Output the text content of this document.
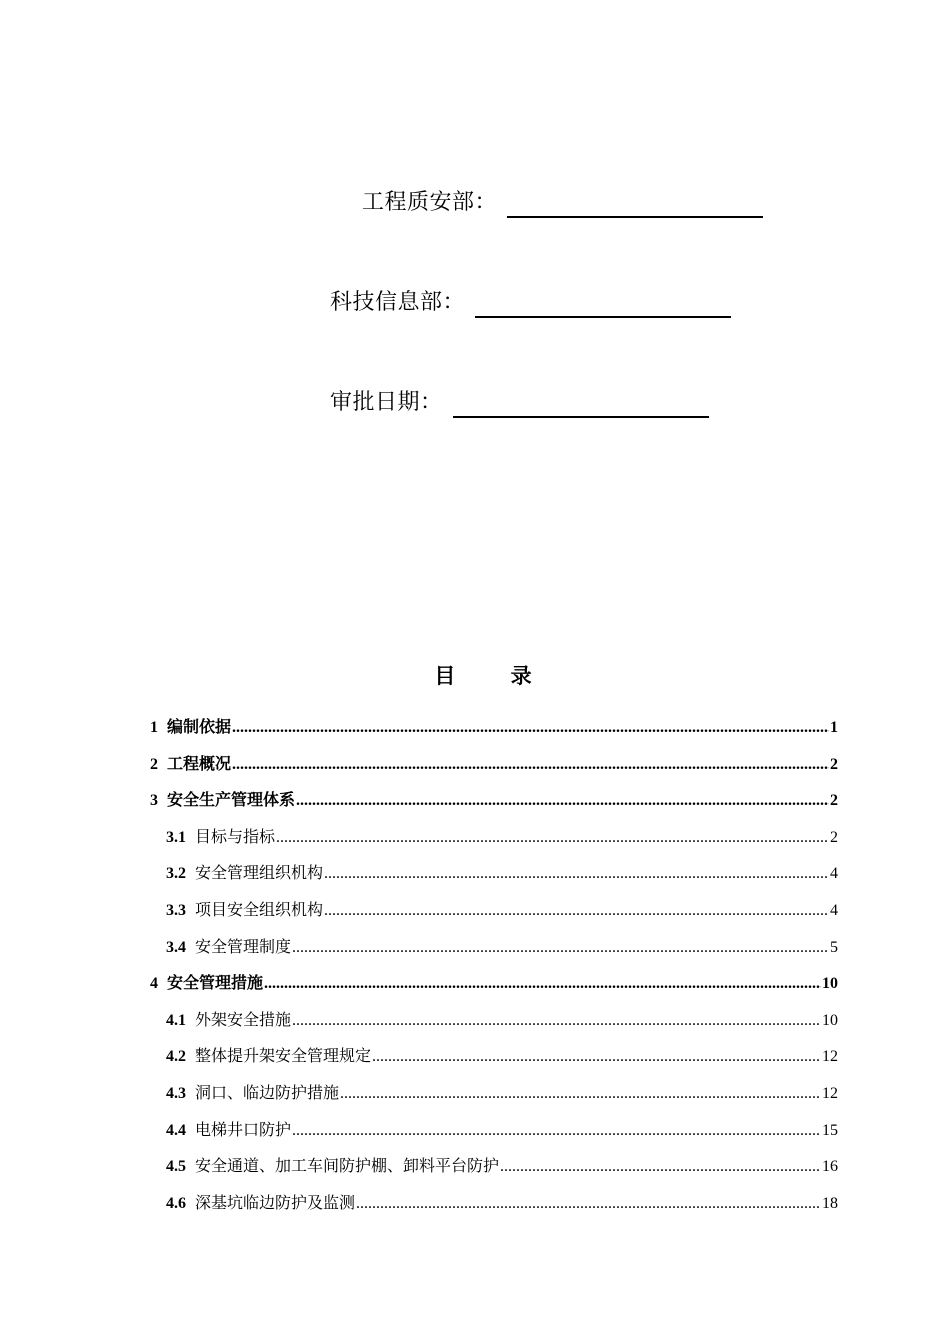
工程质安部：
科技信息部：
审批日期：
目 录
1 编制依据 .....	1
2 工程概况 .....	2
3 安全生产管理体系 .....	2
3.1 目标与指标 .....	2
3.2 安全管理组织机构 .....	4
3.3 项目安全组织机构 .....	4
3.4 安全管理制度 .....	5
4 安全管理措施 .....	10
4.1 外架安全措施 .....	10
4.2 整体提升架安全管理规定 .....	12
4.3 洞口、临边防护措施 .....	12
4.4 电梯井口防护 .....	15
4.5 安全通道、加工车间防护棚、卸料平台防护 .....	16
4.6 深基坑临边防护及监测 .....	18
